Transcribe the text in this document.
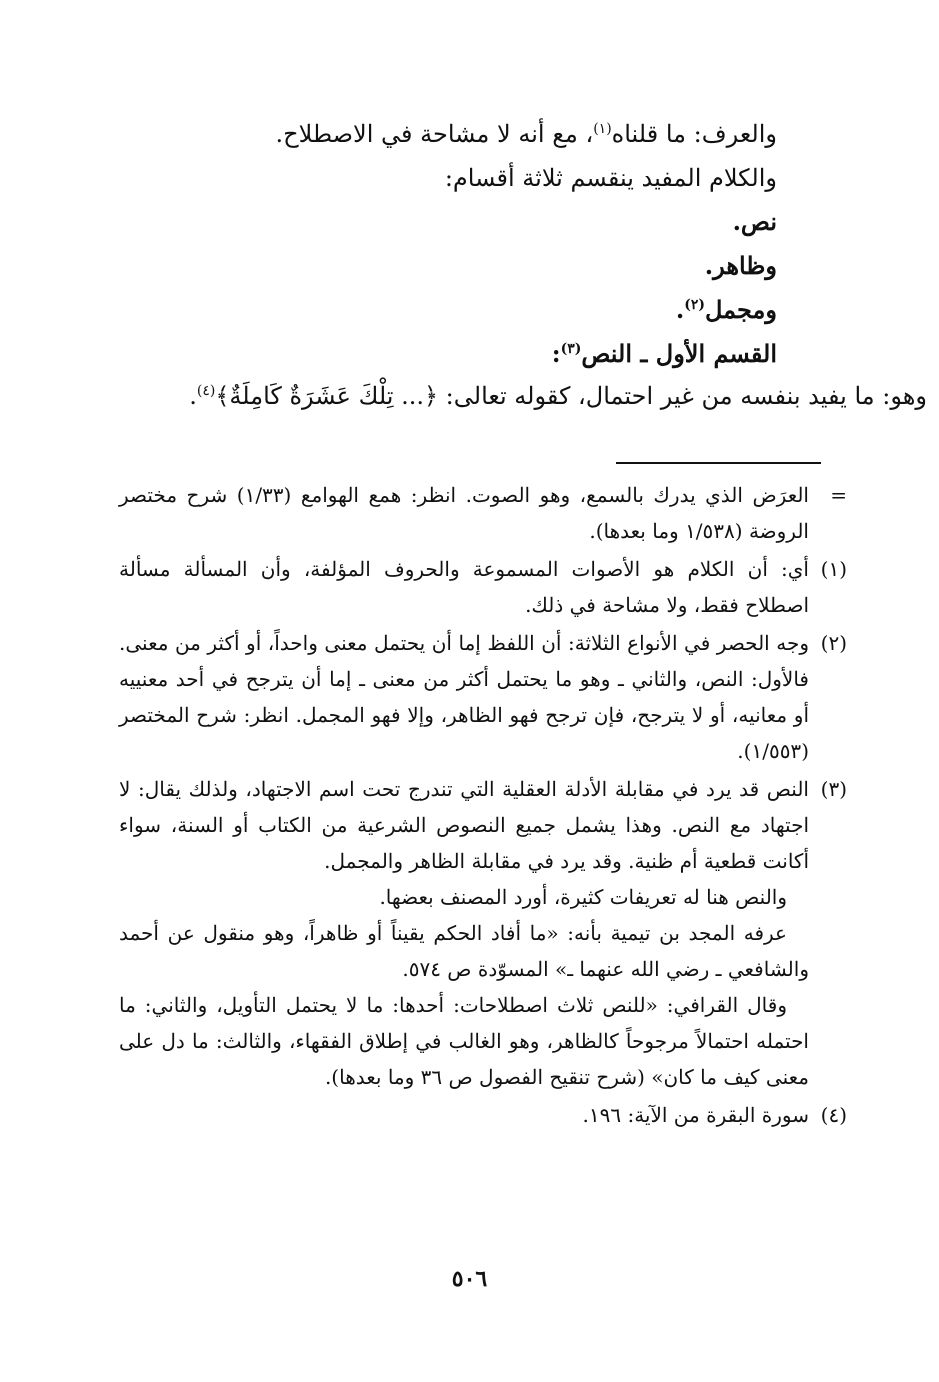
والعرف: ما قلناه$^{(١)}$، مع أنه لا مشاحة في الاصطلاح.
والكلام المفيد ينقسم ثلاثة أقسام:
نص.
وظاهر.
ومجمل$^{(٢)}$.
القسم الأول ـ النص$^{(٣)}$:
وهو: ما يفيد بنفسه من غير احتمال، كقوله تعالى: ﴿... تِلْكَ عَشَرَةٌ كَامِلَةٌ﴾$^{(٤)}$.
=

العرَض الذي يدرك بالسمع، وهو الصوت. انظر: همع الهوامع (١/٣٣) شرح مختصر الروضة (١/٥٣٨ وما بعدها).

(١)

أي: أن الكلام هو الأصوات المسموعة والحروف المؤلفة، وأن المسألة مسألة اصطلاح فقط، ولا مشاحة في ذلك.

(٢)

وجه الحصر في الأنواع الثلاثة: أن اللفظ إما أن يحتمل معنى واحداً، أو أكثر من معنى. فالأول: النص، والثاني ـ وهو ما يحتمل أكثر من معنى ـ إما أن يترجح في أحد معنييه أو معانيه، أو لا يترجح، فإن ترجح فهو الظاهر، وإلا فهو المجمل. انظر: شرح المختصر (١/٥٥٣).

(٣)

النص قد يرد في مقابلة الأدلة العقلية التي تندرج تحت اسم الاجتهاد، ولذلك يقال: لا اجتهاد مع النص. وهذا يشمل جميع النصوص الشرعية من الكتاب أو السنة، سواء أكانت قطعية أم ظنية. وقد يرد في مقابلة الظاهر والمجمل.

والنص هنا له تعريفات كثيرة، أورد المصنف بعضها.

عرفه المجد بن تيمية بأنه: «ما أفاد الحكم يقيناً أو ظاهراً، وهو منقول عن أحمد والشافعي ـ رضي الله عنهما ـ» المسوّدة ص ٥٧٤.

وقال القرافي: «للنص ثلاث اصطلاحات: أحدها: ما لا يحتمل التأويل، والثاني: ما احتمله احتمالاً مرجوحاً كالظاهر، وهو الغالب في إطلاق الفقهاء، والثالث: ما دل على معنى كيف ما كان» (شرح تنقيح الفصول ص ٣٦ وما بعدها).

(٤)

سورة البقرة من الآية: ١٩٦.

٥٠٦
